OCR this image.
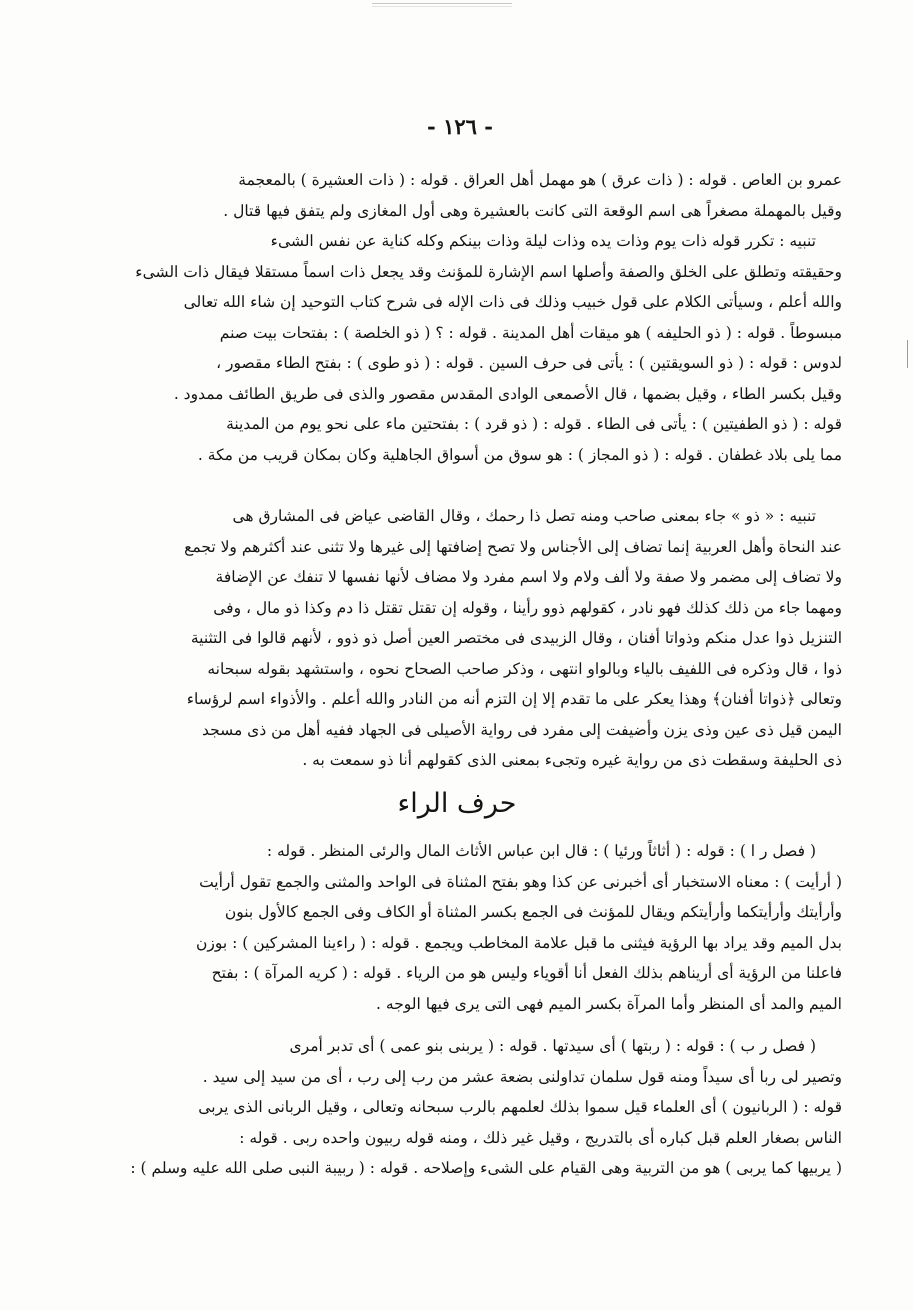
- ١٢٦ -
عمرو بن العاص . قوله : ( ذات عرق ) هو مهمل أهل العراق . قوله : ( ذات العشيرة ) بالمعجمة
وقيل بالمهملة مصغراً هى اسم الوقعة التى كانت بالعشيرة وهى أول المغازى ولم يتفق فيها قتال .
تنبيه : تكرر قوله ذات يوم وذات يده وذات ليلة وذات بينكم وكله كناية عن نفس الشىء
وحقيقته وتطلق على الخلق والصفة وأصلها اسم الإشارة للمؤنث وقد يجعل ذات اسماً مستقلا فيقال ذات الشىء
والله أعلم ، وسيأتى الكلام على قول خبيب وذلك فى ذات الإله فى شرح كتاب التوحيد إن شاء الله تعالى
مبسوطاً . قوله : ( ذو الحليفه ) هو ميقات أهل المدينة . قوله : ؟ ( ذو الخلصة ) : بفتحات بيت صنم
لدوس : قوله : ( ذو السويقتين ) : يأتى فى حرف السين . قوله : ( ذو طوى ) : بفتح الطاء مقصور ،
وقيل بكسر الطاء ، وقيل بضمها ، قال الأصمعى الوادى المقدس مقصور والذى فى طريق الطائف ممدود .
قوله : ( ذو الطفيتين ) : يأتى فى الطاء . قوله : ( ذو قرد ) : بفتحتين ماء على نحو يوم من المدينة
مما يلى بلاد غطفان . قوله : ( ذو المجاز ) : هو سوق من أسواق الجاهلية وكان بمكان قريب من مكة .
تنبيه : « ذو » جاء بمعنى صاحب ومنه تصل ذا رحمك ، وقال القاضى عياض فى المشارق هى
عند النحاة وأهل العربية إنما تضاف إلى الأجناس ولا تصح إضافتها إلى غيرها ولا تثنى عند أكثرهم ولا تجمع
ولا تضاف إلى مضمر ولا صفة ولا ألف ولام ولا اسم مفرد ولا مضاف لأنها نفسها لا تنفك عن الإضافة
ومهما جاء من ذلك كذلك فهو نادر ، كقولهم ذوو رأينا ، وقوله إن تقتل تقتل ذا دم وكذا ذو مال ، وفى
التنزيل ذوا عدل منكم وذواتا أفنان ، وقال الزبيدى فى مختصر العين أصل ذو ذوو ، لأنهم قالوا فى التثنية
ذوا ، قال وذكره فى اللفيف بالياء وبالواو انتهى ، وذكر صاحب الصحاح نحوه ، واستشهد بقوله سبحانه
وتعالى ﴿ذواتا أفنان﴾ وهذا يعكر على ما تقدم إلا إن التزم أنه من النادر والله أعلم . والأذواء اسم لرؤساء
اليمن قيل ذى عين وذى يزن وأضيفت إلى مفرد فى رواية الأصيلى فى الجهاد ففيه أهل من ذى مسجد
ذى الحليفة وسقطت ذى من رواية غيره وتجىء بمعنى الذى كقولهم أنا ذو سمعت به .
حرف الراء
( فصل ر ا ) : قوله : ( أثاثاً ورئيا ) : قال ابن عباس الأثاث المال والرئى المنظر . قوله :
( أرأيت ) : معناه الاستخبار أى أخبرنى عن كذا وهو بفتح المثناة فى الواحد والمثنى والجمع تقول أرأيت
وأرأيتك وأرأيتكما وأرأيتكم ويقال للمؤنث فى الجمع بكسر المثناة أو الكاف وفى الجمع كالأول بنون
بدل الميم وقد يراد بها الرؤية فيثنى ما قبل علامة المخاطب ويجمع . قوله : ( راءينا المشركين ) : بوزن
فاعلنا من الرؤية أى أريناهم بذلك الفعل أنا أقوياء وليس هو من الرياء . قوله : ( كريه المرآة ) : بفتح
الميم والمد أى المنظر وأما المرآة بكسر الميم فهى التى يرى فيها الوجه .
( فصل ر ب ) : قوله : ( ربتها ) أى سيدتها . قوله : ( يربنى بنو عمى ) أى تدبر أمرى
وتصير لى ربا أى سيداً ومنه قول سلمان تداولنى بضعة عشر من رب إلى رب ، أى من سيد إلى سيد .
قوله : ( الربانيون ) أى العلماء قيل سموا بذلك لعلمهم بالرب سبحانه وتعالى ، وقيل الربانى الذى يربى
الناس بصغار العلم قبل كباره أى بالتدريج ، وقيل غير ذلك ، ومنه قوله ربيون واحده ربى . قوله :
( يربيها كما يربى ) هو من التربية وهى القيام على الشىء وإصلاحه . قوله : ( ربيبة النبى صلى الله عليه وسلم ) :
